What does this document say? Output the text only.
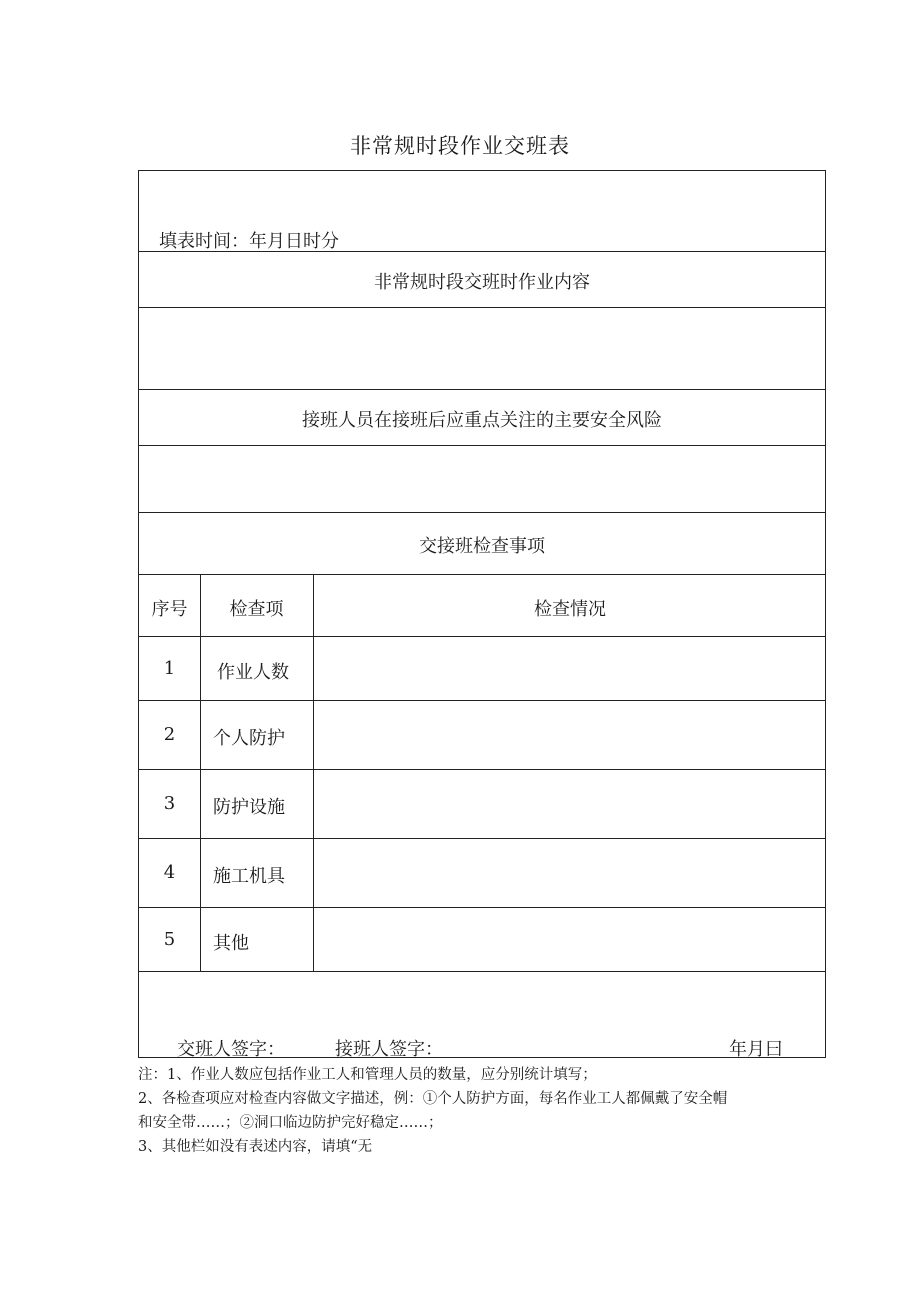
非常规时段作业交班表
填表时间：年月日时分
非常规时段交班时作业内容
接班人员在接班后应重点关注的主要安全风险
交接班检查事项
序号	检查项	检查情况
1	作业人数
2	个人防护
3	防护设施
4	施工机具
5	其他
交班人签字：	接班人签字：	年月曰
注：1、作业人数应包括作业工人和管理人员的数量，应分别统计填写；
2、各检查项应对检查内容做文字描述，例：①个人防护方面，每名作业工人都佩戴了安全帽
和安全带……；②洞口临边防护完好稳定……；
3、其他栏如没有表述内容，请填“无
